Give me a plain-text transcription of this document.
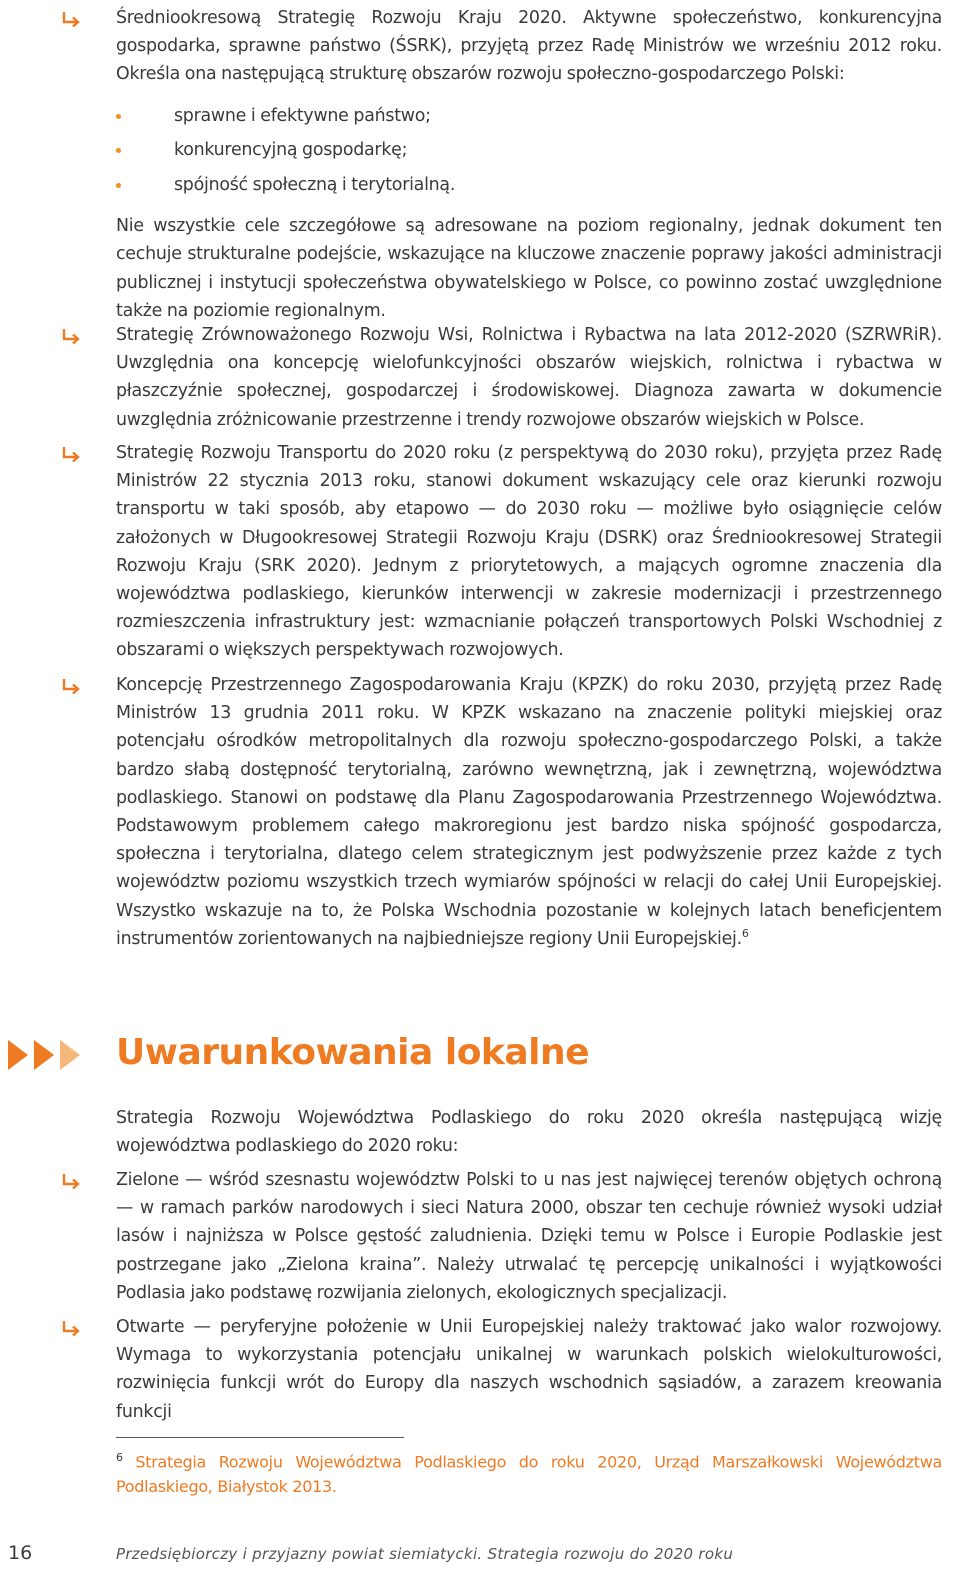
Średniookresową Strategię Rozwoju Kraju 2020. Aktywne społeczeństwo, konkurencyjna gospodarka, sprawne państwo (ŚSRK), przyjętą przez Radę Ministrów we wrześniu 2012 roku. Określa ona następującą strukturę obszarów rozwoju społeczno-gospodarczego Polski:

sprawne i efektywne państwo;
konkurencyjną gospodarkę;
spójność społeczną i terytorialną.

Nie wszystkie cele szczegółowe są adresowane na poziom regionalny, jednak dokument ten cechuje strukturalne podejście, wskazujące na kluczowe znaczenie poprawy jakości administracji publicznej i instytucji społeczeństwa obywatelskiego w Polsce, co powinno zostać uwzględnione także na poziomie regionalnym.

Strategię Zrównoważonego Rozwoju Wsi, Rolnictwa i Rybactwa na lata 2012-2020 (SZRWRiR). Uwzględnia ona koncepcję wielofunkcyjności obszarów wiejskich, rolnictwa i rybactwa w płaszczyźnie społecznej, gospodarczej i środowiskowej. Diagnoza zawarta w dokumencie uwzględnia zróżnicowanie przestrzenne i trendy rozwojowe obszarów wiejskich w Polsce.
Strategię Rozwoju Transportu do 2020 roku (z perspektywą do 2030 roku), przyjęta przez Radę Ministrów 22 stycznia 2013 roku, stanowi dokument wskazujący cele oraz kierunki rozwoju transportu w taki sposób, aby etapowo — do 2030 roku — możliwe było osiągnięcie celów założonych w Długookresowej Strategii Rozwoju Kraju (DSRK) oraz Średniookresowej Strategii Rozwoju Kraju (SRK 2020). Jednym z priorytetowych, a mających ogromne znaczenia dla województwa podlaskiego, kierunków interwencji w zakresie modernizacji i przestrzennego rozmieszczenia infrastruktury jest: wzmacnianie połączeń transportowych Polski Wschodniej z obszarami o większych perspektywach rozwojowych.
Koncepcję Przestrzennego Zagospodarowania Kraju (KPZK) do roku 2030, przyjętą przez Radę Ministrów 13 grudnia 2011 roku. W KPZK wskazano na znaczenie polityki miejskiej oraz potencjału ośrodków metropolitalnych dla rozwoju społeczno-gospodarczego Polski, a także bardzo słabą dostępność terytorialną, zarówno wewnętrzną, jak i zewnętrzną, województwa podlaskiego. Stanowi on podstawę dla Planu Zagospodarowania Przestrzennego Województwa. Podstawowym problemem całego makroregionu jest bardzo niska spójność gospodarcza, społeczna i terytorialna, dlatego celem strategicznym jest podwyższenie przez każde z tych województw poziomu wszystkich trzech wymiarów spójności w relacji do całej Unii Europejskiej. Wszystko wskazuje na to, że Polska Wschodnia pozostanie w kolejnych latach beneficjentem instrumentów zorientowanych na najbiedniejsze regiony Unii Europejskiej.$^6$
Uwarunkowania lokalne
Strategia Rozwoju Województwa Podlaskiego do roku 2020 określa następującą wizję województwa podlaskiego do 2020 roku:
Zielone — wśród szesnastu województw Polski to u nas jest najwięcej terenów objętych ochroną — w ramach parków narodowych i sieci Natura 2000, obszar ten cechuje również wysoki udział lasów i najniższa w Polsce gęstość zaludnienia. Dzięki temu w Polsce i Europie Podlaskie jest postrzegane jako „Zielona kraina”. Należy utrwalać tę percepcję unikalności i wyjątkowości Podlasia jako podstawę rozwijania zielonych, ekologicznych specjalizacji.
Otwarte — peryferyjne położenie w Unii Europejskiej należy traktować jako walor rozwojowy. Wymaga to wykorzystania potencjału unikalnej w warunkach polskich wielokulturowości, rozwinięcia funkcji wrót do Europy dla naszych wschodnich sąsiadów, a zarazem kreowania funkcji
$^6$ Strategia Rozwoju Województwa Podlaskiego do roku 2020, Urząd Marszałkowski Województwa Podlaskiego, Białystok 2013.
16	Przedsiębiorczy i przyjazny powiat siemiatycki. Strategia rozwoju do 2020 roku
